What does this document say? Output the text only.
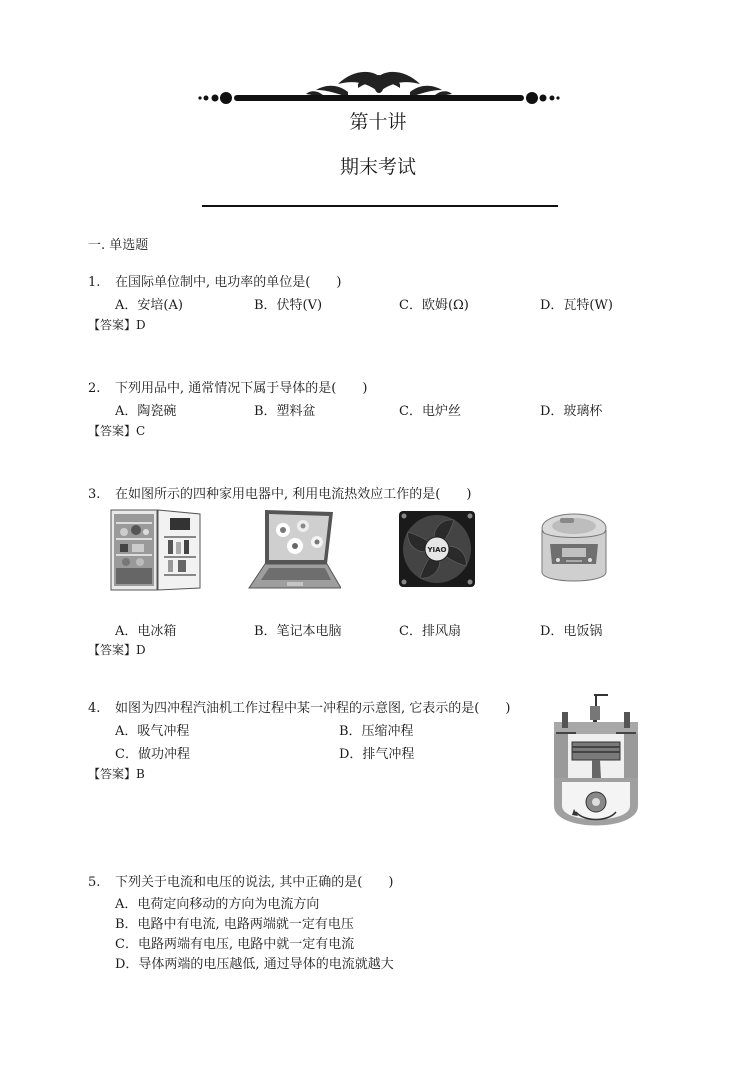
第十讲
期末考试
一. 单选题
1. 在国际单位制中, 电功率的单位是(　　)
A．安培(A)	B．伏特(V)	C．欧姆(Ω)	D．瓦特(W)
【答案】D
2. 下列用品中, 通常情况下属于导体的是(　　)
A．陶瓷碗	B．塑料盆	C．电炉丝	D．玻璃杯
【答案】C
3. 在如图所示的四种家用电器中, 利用电流热效应工作的是(　　)
YIAO
A．电冰箱	B．笔记本电脑	C．排风扇	D．电饭锅
【答案】D
4. 如图为四冲程汽油机工作过程中某一冲程的示意图, 它表示的是(　　)
A．吸气冲程	B．压缩冲程
C．做功冲程	D．排气冲程
【答案】B
5. 下列关于电流和电压的说法, 其中正确的是(　　)
A．电荷定向移动的方向为电流方向
B．电路中有电流, 电路两端就一定有电压
C．电路两端有电压, 电路中就一定有电流
D．导体两端的电压越低, 通过导体的电流就越大
